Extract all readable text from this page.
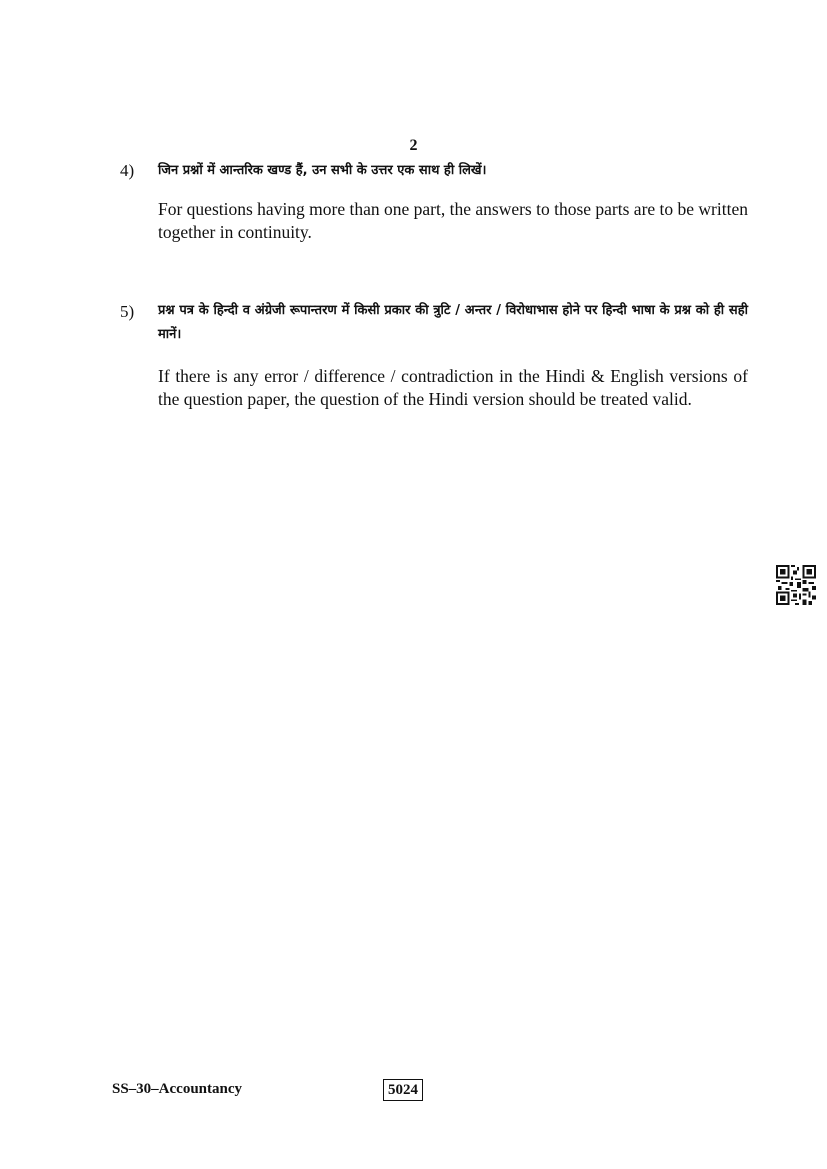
2
4) जिन प्रश्नों में आन्तरिक खण्ड हैं, उन सभी के उत्तर एक साथ ही लिखें।
For questions having more than one part, the answers to those parts are to be written together in continuity.
5) प्रश्न पत्र के हिन्दी व अंग्रेजी रूपान्तरण में किसी प्रकार की त्रुटि / अन्तर / विरोधाभास होने पर हिन्दी भाषा के प्रश्न को ही सही मानें।
If there is any error / difference / contradiction in the Hindi & English versions of the question paper, the question of the Hindi version should be treated valid.
SS–30–Accountancy	5024
